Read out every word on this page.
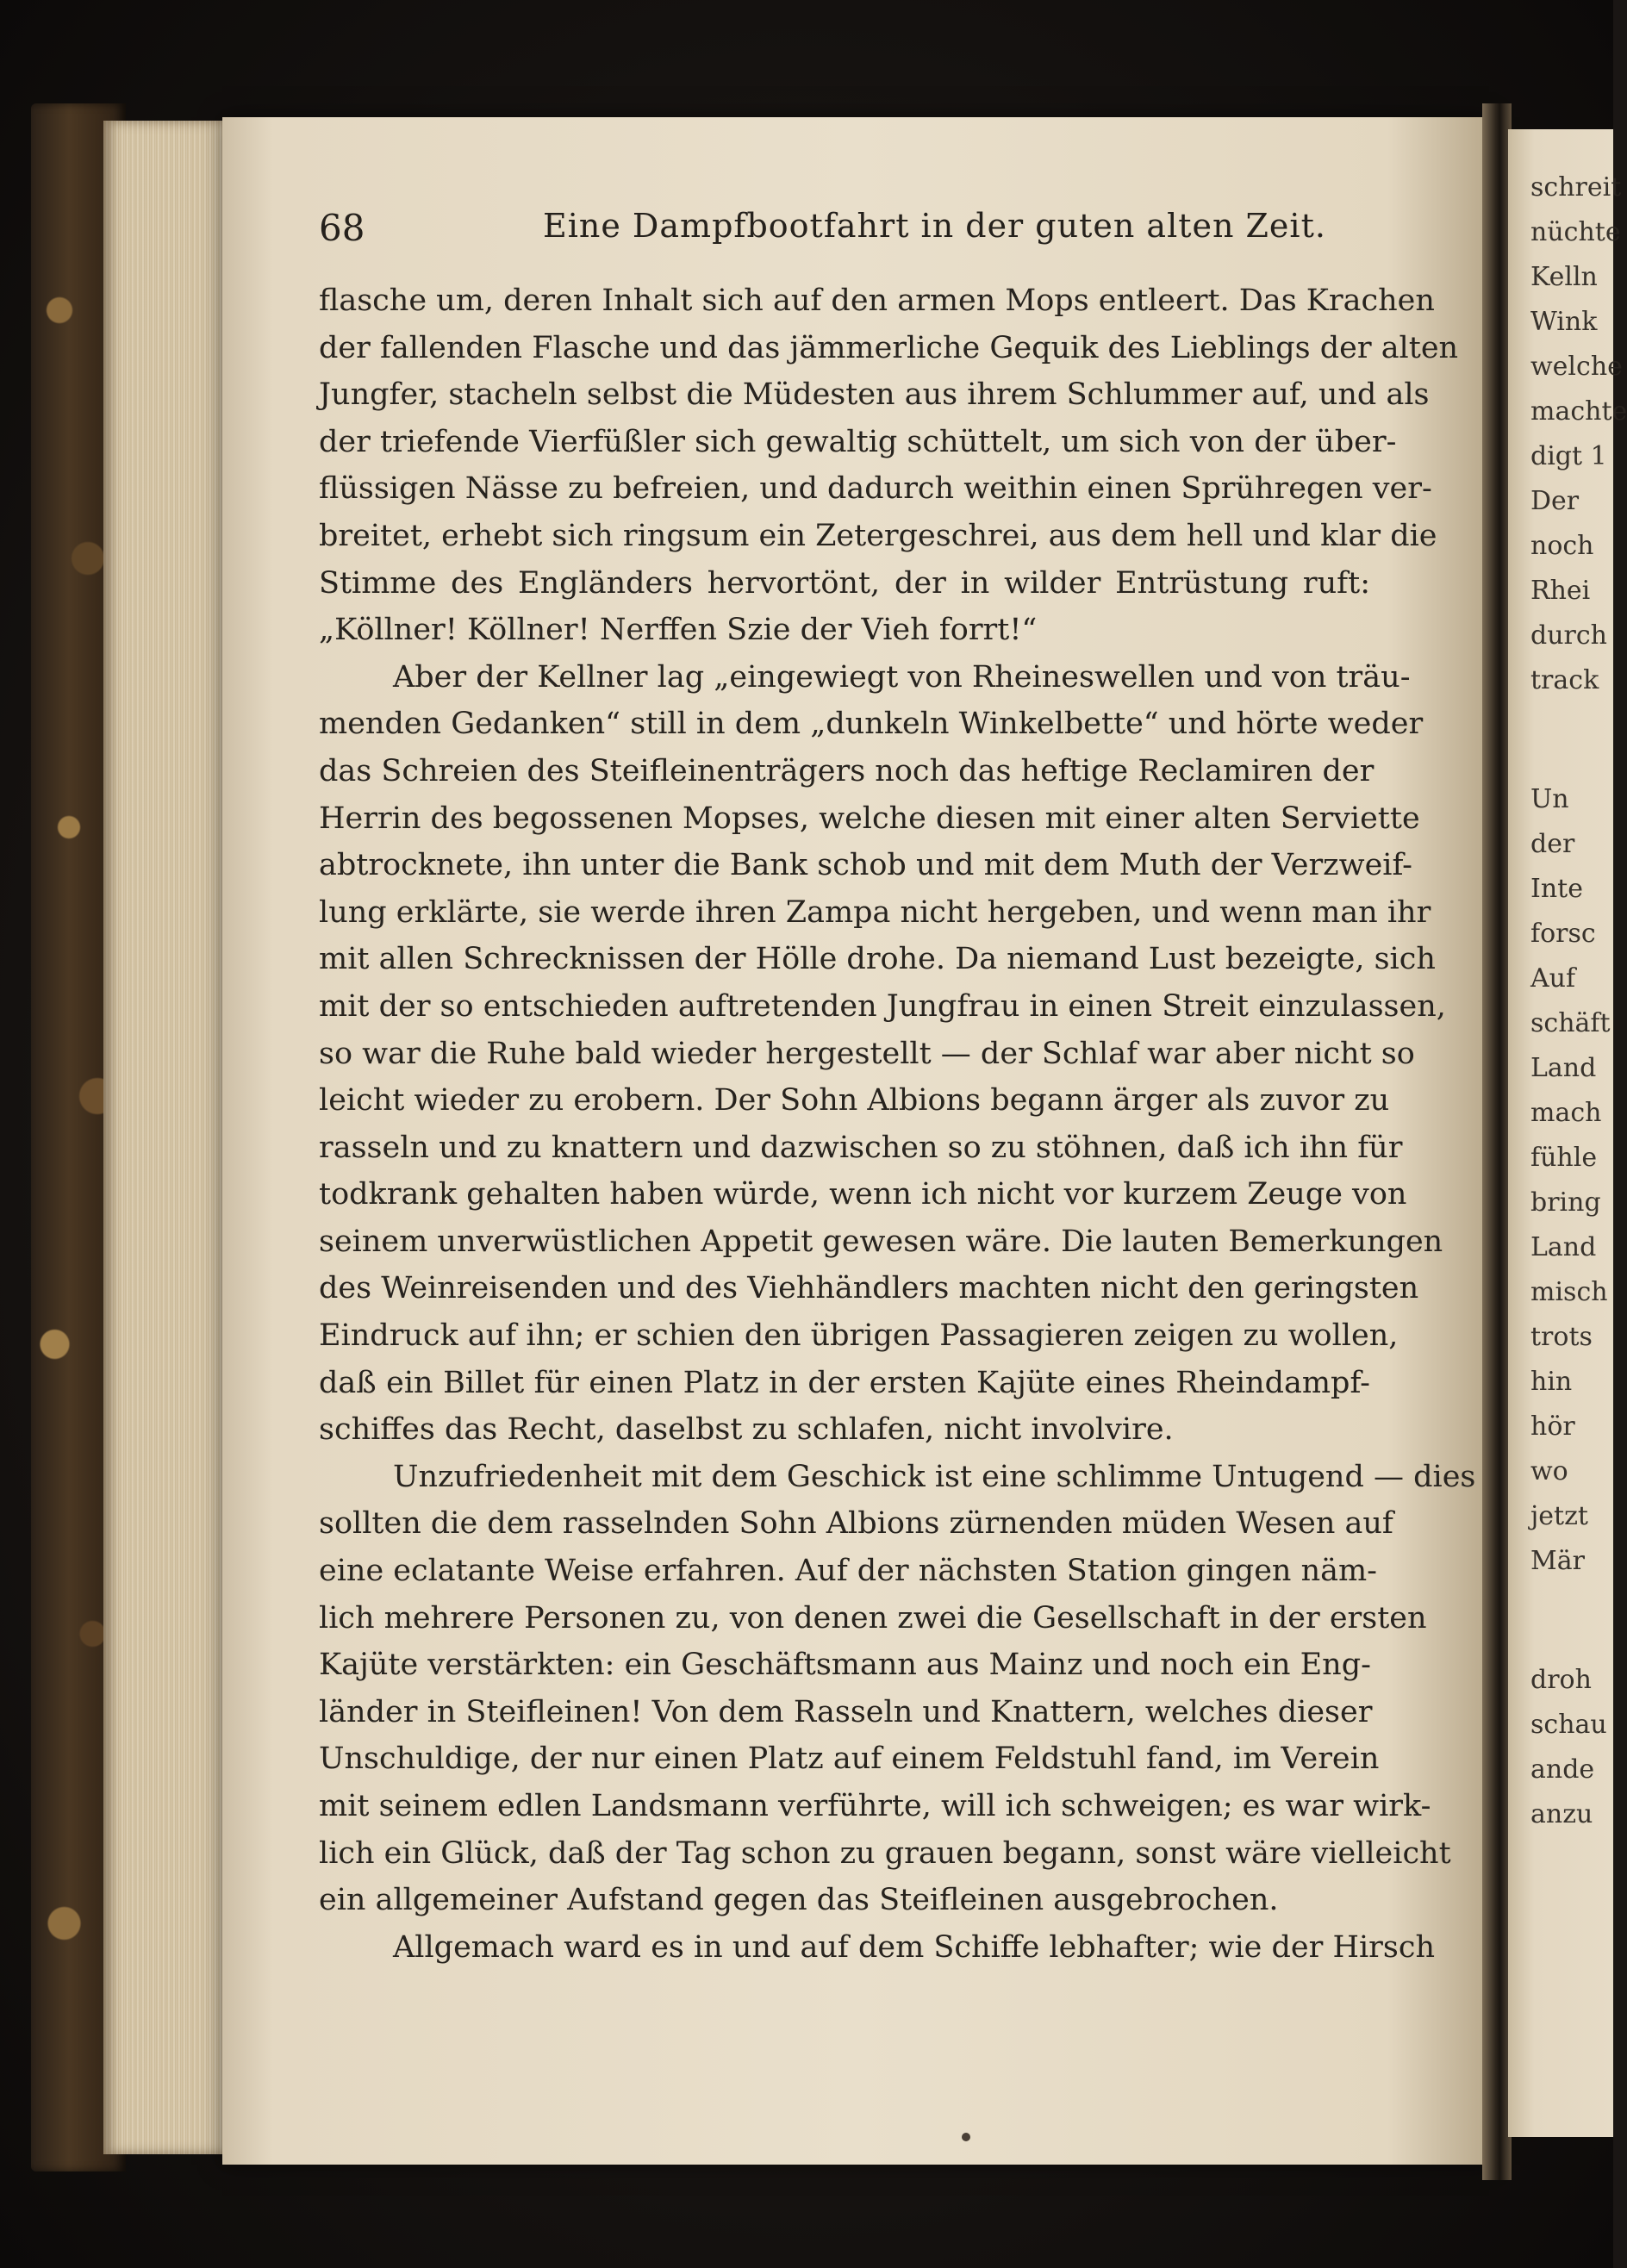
schreit
nüchte
Kelln
Wink
welche
machte
digt 1
Der
noch
Rhei
durch
track
Un
der
Inte
forsc
Auf
schäft
Land
mach
fühle
bring
Land
misch
trots
hin
hör
wo
jetzt
Mär
droh
schau
ande
anzu
68	Eine Dampfbootfahrt in der guten alten Zeit.
flasche um, deren Inhalt sich auf den armen Mops entleert. Das Krachen
der fallenden Flasche und das jämmerliche Gequik des Lieblings der alten
Jungfer, stacheln selbst die Müdesten aus ihrem Schlummer auf, und als
der triefende Vierfüßler sich gewaltig schüttelt, um sich von der über-
flüssigen Nässe zu befreien, und dadurch weithin einen Sprühregen ver-
breitet, erhebt sich ringsum ein Zetergeschrei, aus dem hell und klar die
Stimme des Engländers hervortönt, der in wilder Entrüstung ruft:
„Köllner! Köllner! Nerffen Szie der Vieh forrt!“
Aber der Kellner lag „eingewiegt von Rheineswellen und von träu-
menden Gedanken“ still in dem „dunkeln Winkelbette“ und hörte weder
das Schreien des Steifleinenträgers noch das heftige Reclamiren der
Herrin des begossenen Mopses, welche diesen mit einer alten Serviette
abtrocknete, ihn unter die Bank schob und mit dem Muth der Verzweif-
lung erklärte, sie werde ihren Zampa nicht hergeben, und wenn man ihr
mit allen Schrecknissen der Hölle drohe. Da niemand Lust bezeigte, sich
mit der so entschieden auftretenden Jungfrau in einen Streit einzulassen,
so war die Ruhe bald wieder hergestellt — der Schlaf war aber nicht so
leicht wieder zu erobern. Der Sohn Albions begann ärger als zuvor zu
rasseln und zu knattern und dazwischen so zu stöhnen, daß ich ihn für
todkrank gehalten haben würde, wenn ich nicht vor kurzem Zeuge von
seinem unverwüstlichen Appetit gewesen wäre. Die lauten Bemerkungen
des Weinreisenden und des Viehhändlers machten nicht den geringsten
Eindruck auf ihn; er schien den übrigen Passagieren zeigen zu wollen,
daß ein Billet für einen Platz in der ersten Kajüte eines Rheindampf-
schiffes das Recht, daselbst zu schlafen, nicht involvire.
Unzufriedenheit mit dem Geschick ist eine schlimme Untugend — dies
sollten die dem rasselnden Sohn Albions zürnenden müden Wesen auf
eine eclatante Weise erfahren. Auf der nächsten Station gingen näm-
lich mehrere Personen zu, von denen zwei die Gesellschaft in der ersten
Kajüte verstärkten: ein Geschäftsmann aus Mainz und noch ein Eng-
länder in Steifleinen! Von dem Rasseln und Knattern, welches dieser
Unschuldige, der nur einen Platz auf einem Feldstuhl fand, im Verein
mit seinem edlen Landsmann verführte, will ich schweigen; es war wirk-
lich ein Glück, daß der Tag schon zu grauen begann, sonst wäre vielleicht
ein allgemeiner Aufstand gegen das Steifleinen ausgebrochen.
Allgemach ward es in und auf dem Schiffe lebhafter; wie der Hirsch
